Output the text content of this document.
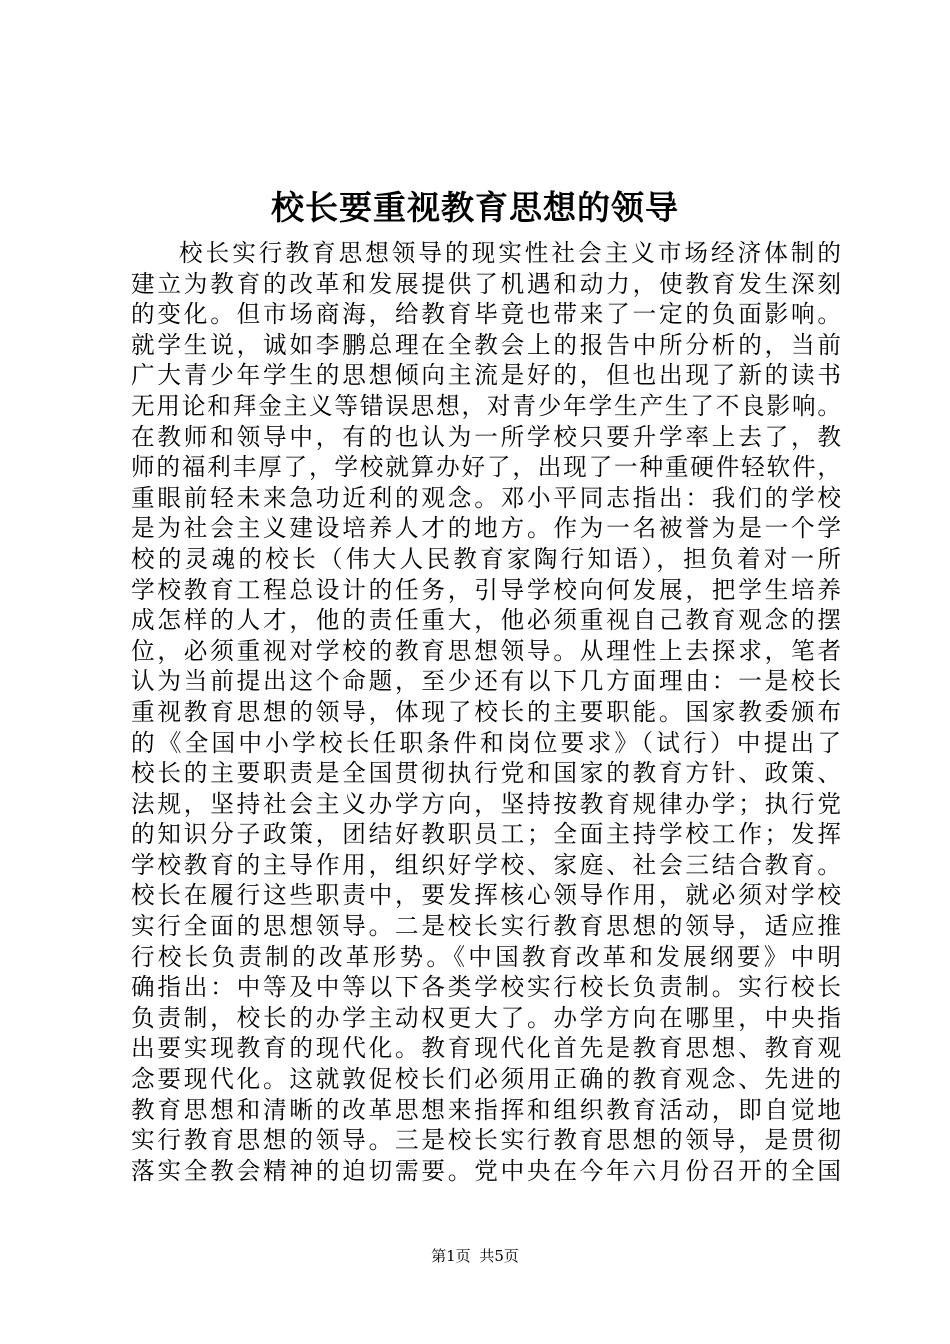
校长要重视教育思想的领导
校长实行教育思想领导的现实性社会主义市场经济体制的
建立为教育的改革和发展提供了机遇和动力，使教育发生深刻
的变化。但市场商海，给教育毕竟也带来了一定的负面影响。
就学生说，诚如李鹏总理在全教会上的报告中所分析的，当前
广大青少年学生的思想倾向主流是好的，但也出现了新的读书
无用论和拜金主义等错误思想，对青少年学生产生了不良影响。
在教师和领导中，有的也认为一所学校只要升学率上去了，教
师的福利丰厚了，学校就算办好了，出现了一种重硬件轻软件，
重眼前轻未来急功近利的观念。邓小平同志指出：我们的学校
是为社会主义建设培养人才的地方。作为一名被誉为是一个学
校的灵魂的校长（伟大人民教育家陶行知语），担负着对一所
学校教育工程总设计的任务，引导学校向何发展，把学生培养
成怎样的人才，他的责任重大，他必须重视自己教育观念的摆
位，必须重视对学校的教育思想领导。从理性上去探求，笔者
认为当前提出这个命题，至少还有以下几方面理由：一是校长
重视教育思想的领导，体现了校长的主要职能。国家教委颁布
的《全国中小学校长任职条件和岗位要求》（试行）中提出了
校长的主要职责是全国贯彻执行党和国家的教育方针、政策、
法规，坚持社会主义办学方向，坚持按教育规律办学；执行党
的知识分子政策，团结好教职员工；全面主持学校工作；发挥
学校教育的主导作用，组织好学校、家庭、社会三结合教育。
校长在履行这些职责中，要发挥核心领导作用，就必须对学校
实行全面的思想领导。二是校长实行教育思想的领导，适应推
行校长负责制的改革形势。《中国教育改革和发展纲要》中明
确指出：中等及中等以下各类学校实行校长负责制。实行校长
负责制，校长的办学主动权更大了。办学方向在哪里，中央指
出要实现教育的现代化。教育现代化首先是教育思想、教育观
念要现代化。这就敦促校长们必须用正确的教育观念、先进的
教育思想和清晰的改革思想来指挥和组织教育活动，即自觉地
实行教育思想的领导。三是校长实行教育思想的领导，是贯彻
落实全教会精神的迫切需要。党中央在今年六月份召开的全国
第1页 共5页
